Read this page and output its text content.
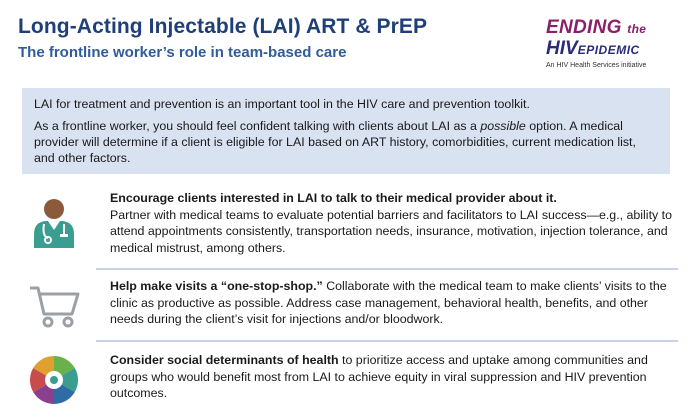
Long-Acting Injectable (LAI) ART & PrEP
The frontline worker’s role in team-based care
ENDING the
HIVEPIDEMIC
An HIV Health Services initiative

LAI for treatment and prevention is an important tool in the HIV care and prevention toolkit.

As a frontline worker, you should feel confident talking with clients about LAI as a possible option. A medical provider will determine if a client is eligible for LAI based on ART history, comorbidities, current medication list, and other factors.

Encourage clients interested in LAI to talk to their medical provider about it.
Partner with medical teams to evaluate potential barriers and facilitators to LAI success—e.g., ability to attend appointments consistently, transportation needs, insurance, motivation, injection tolerance, and medical mistrust, among others.
Help make visits a “one-stop-shop.” Collaborate with the medical team to make clients’ visits to the clinic as productive as possible. Address case management, behavioral health, benefits, and other needs during the client’s visit for injections and/or bloodwork.
Consider social determinants of health to prioritize access and uptake among communities and groups who would benefit most from LAI to achieve equity in viral suppression and HIV prevention outcomes.
